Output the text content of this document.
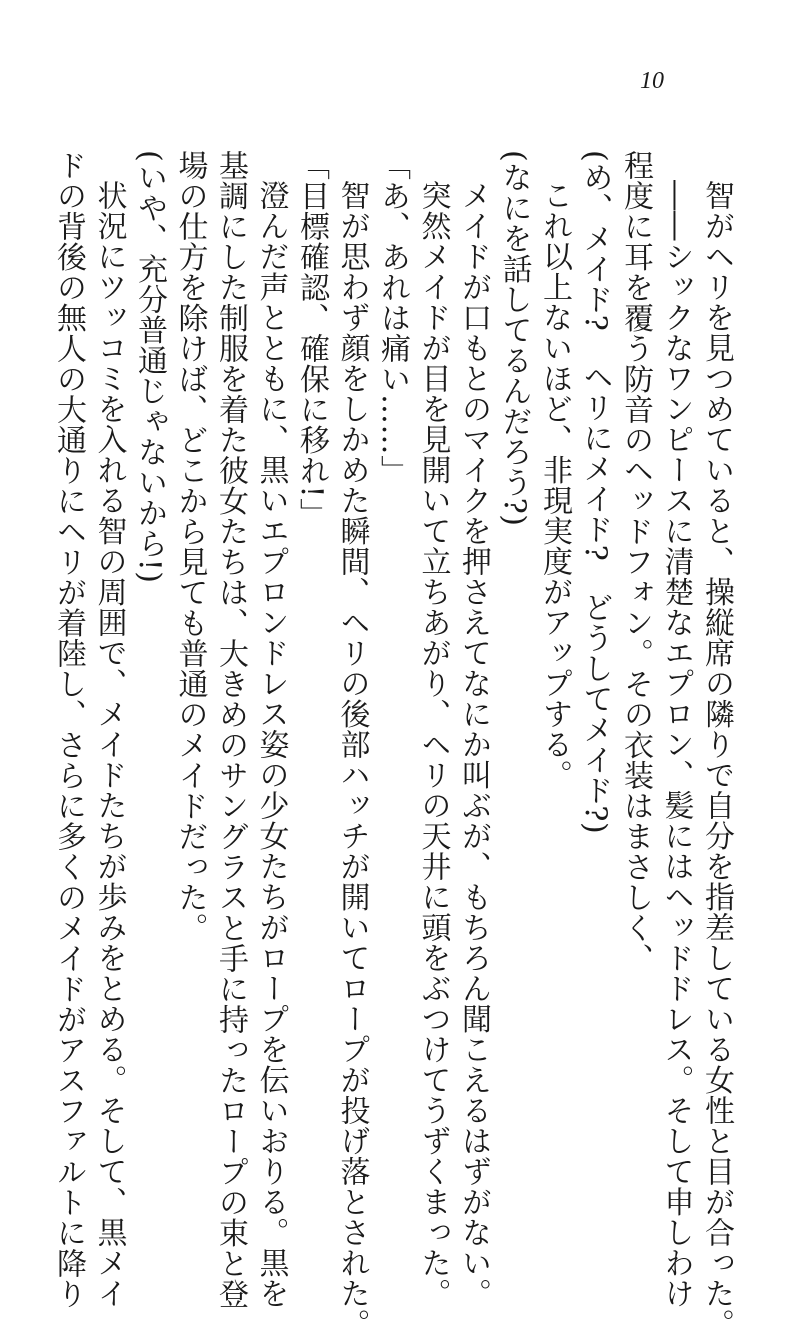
10

智がヘリを見つめていると、操縦席の隣りで自分を指差している女性と目が合った。

――シックなワンピースに清楚なエプロン、髪にはヘッドドレス。そして申しわけ

程度に耳を覆う防音のヘッドフォン。その衣装はまさしく、

(め、メイド?　ヘリにメイド?　どうしてメイド?)

これ以上ないほど、非現実度がアップする。

(なにを話してるんだろう?)

メイドが口もとのマイクを押さえてなにか叫ぶが、もちろん聞こえるはずがない。

突然メイドが目を見開いて立ちあがり、ヘリの天井に頭をぶつけてうずくまった。

「あ、あれは痛い……」

智が思わず顔をしかめた瞬間、ヘリの後部ハッチが開いてロープが投げ落とされた。

「目標確認、確保に移れ!」

澄んだ声とともに、黒いエプロンドレス姿の少女たちがロープを伝いおりる。黒を

基調にした制服を着た彼女たちは、大きめのサングラスと手に持ったロープの束と登

場の仕方を除けば、どこから見ても普通のメイドだった。

(いや、充分普通じゃないから!)

状況にツッコミを入れる智の周囲で、メイドたちが歩みをとめる。そして、黒メイ

ドの背後の無人の大通りにヘリが着陸し、さらに多くのメイドがアスファルトに降り
